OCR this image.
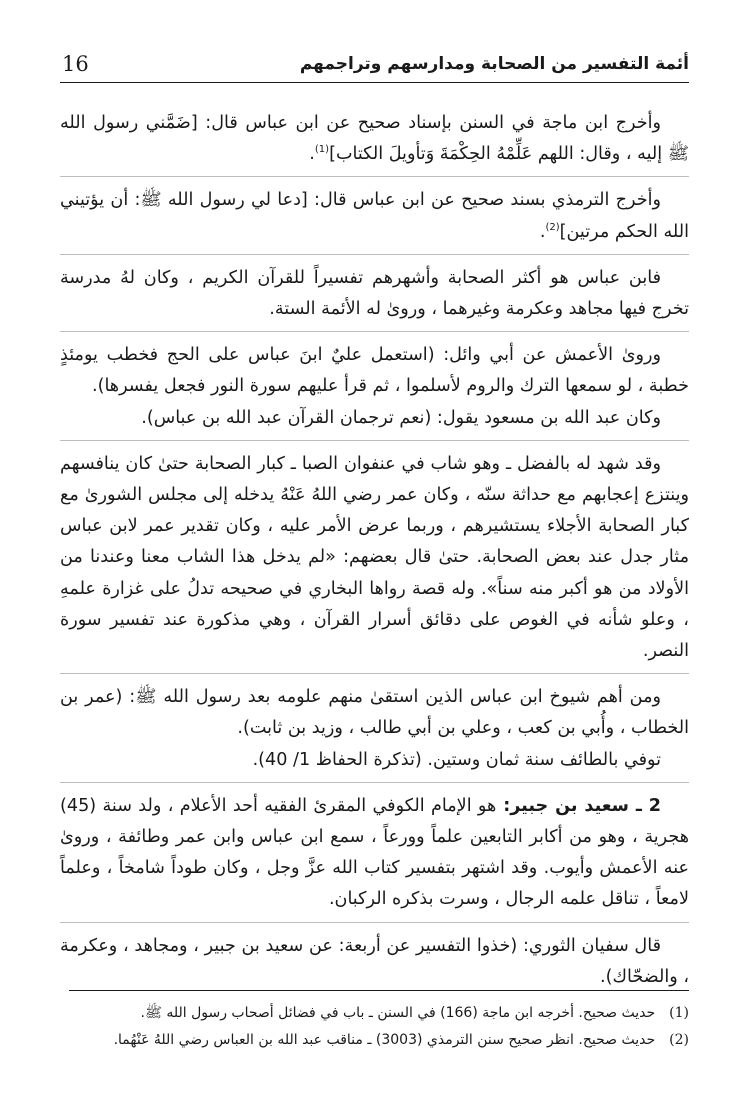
16	أئمة التفسير من الصحابة ومدارسهم وتراجمهم

وأخرج ابن ماجة في السنن بإسناد صحيح عن ابن عباس قال: [ضَمَّني رسول الله ﷺ إليه ، وقال: اللهم عَلِّمْهُ الحِكْمَةَ وَتأويلَ الكتاب]$^{(1)}$.

وأخرج الترمذي بسند صحيح عن ابن عباس قال: [دعا لي رسول الله ﷺ: أن يؤتيني الله الحكم مرتين]$^{(2)}$.

فابن عباس هو أكثر الصحابة وأشهرهم تفسيراً للقرآن الكريم ، وكان لهُ مدرسة تخرج فيها مجاهد وعكرمة وغيرهما ، وروىٰ له الأئمة الستة.

وروىٰ الأعمش عن أبي وائل: (استعمل عليٌ ابنَ عباس على الحج فخطب يومئذٍ خطبة ، لو سمعها الترك والروم لأسلموا ، ثم قرأ عليهم سورة النور فجعل يفسرها).

وكان عبد الله بن مسعود يقول: (نعم ترجمان القرآن عبد الله بن عباس).

وقد شهد له بالفضل ـ وهو شاب في عنفوان الصبا ـ كبار الصحابة حتىٰ كان ينافسهم وينتزع إعجابهم مع حداثة سنّه ، وكان عمر رضي اللهُ عَنْهُ يدخله إلى مجلس الشورىٰ مع كبار الصحابة الأجلاء يستشيرهم ، وربما عرض الأمر عليه ، وكان تقدير عمر لابن عباس مثار جدل عند بعض الصحابة. حتىٰ قال بعضهم: «لم يدخل هذا الشاب معنا وعندنا من الأولاد من هو أكبر منه سناً». وله قصة رواها البخاري في صحيحه تدلُ على غزارة علمهِ ، وعلو شأنه في الغوص على دقائق أسرار القرآن ، وهي مذكورة عند تفسير سورة النصر.

ومن أهم شيوخ ابن عباس الذين استقىٰ منهم علومه بعد رسول الله ﷺ: (عمر بن الخطاب ، وأُبي بن كعب ، وعلي بن أبي طالب ، وزيد بن ثابت).

توفي بالطائف سنة ثمان وستين. (تذكرة الحفاظ 1/ 40).

2 ـ سعيد بن جبير: هو الإمام الكوفي المقرئ الفقيه أحد الأعلام ، ولد سنة (45) هجرية ، وهو من أكابر التابعين علماً وورعاً ، سمع ابن عباس وابن عمر وطائفة ، وروىٰ عنه الأعمش وأيوب. وقد اشتهر بتفسير كتاب الله عزَّ وجل ، وكان طوداً شامخاً ، وعلماً لامعاً ، تناقل علمه الرجال ، وسرت بذكره الركبان.

قال سفيان الثوري: (خذوا التفسير عن أربعة: عن سعيد بن جبير ، ومجاهد ، وعكرمة ، والضحّاك).

(1)
حديث صحيح. أخرجه ابن ماجة (166) في السنن ـ باب في فضائل أصحاب رسول الله ﷺ.
(2)
حديث صحيح. انظر صحيح سنن الترمذي (3003) ـ مناقب عبد الله بن العباس رضي اللهُ عَنْهُما.
